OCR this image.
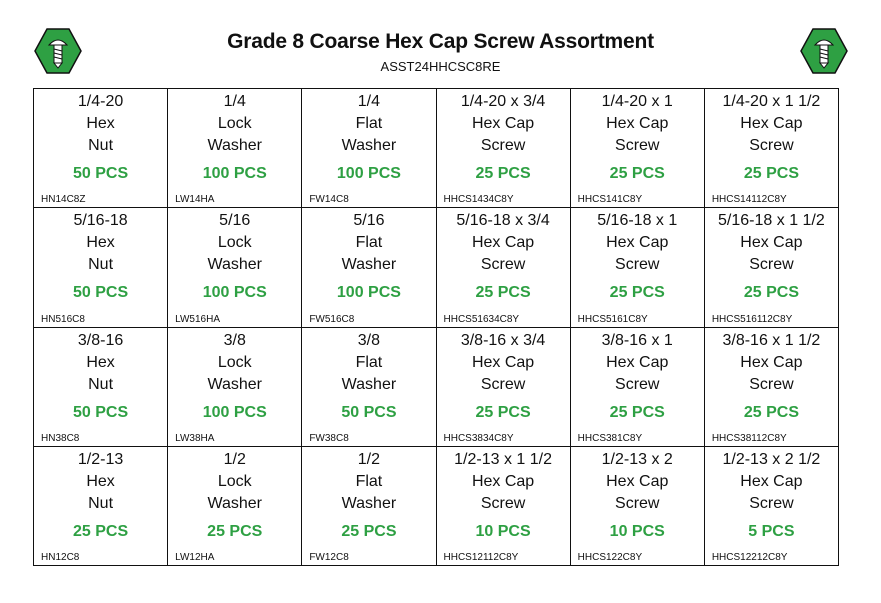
Grade 8 Coarse Hex Cap Screw Assortment
ASST24HHCSC8RE
1/4-20
Hex
Nut
50 PCS
HN14C8Z
1/4
Lock
Washer
100 PCS
LW14HA
1/4
Flat
Washer
100 PCS
FW14C8
1/4-20 x 3/4
Hex Cap
Screw
25 PCS
HHCS1434C8Y
1/4-20 x 1
Hex Cap
Screw
25 PCS
HHCS141C8Y
1/4-20 x 1 1/2
Hex Cap
Screw
25 PCS
HHCS14112C8Y
5/16-18
Hex
Nut
50 PCS
HN516C8
5/16
Lock
Washer
100 PCS
LW516HA
5/16
Flat
Washer
100 PCS
FW516C8
5/16-18 x 3/4
Hex Cap
Screw
25 PCS
HHCS51634C8Y
5/16-18 x 1
Hex Cap
Screw
25 PCS
HHCS5161C8Y
5/16-18 x 1 1/2
Hex Cap
Screw
25 PCS
HHCS516112C8Y
3/8-16
Hex
Nut
50 PCS
HN38C8
3/8
Lock
Washer
100 PCS
LW38HA
3/8
Flat
Washer
50 PCS
FW38C8
3/8-16 x 3/4
Hex Cap
Screw
25 PCS
HHCS3834C8Y
3/8-16 x 1
Hex Cap
Screw
25 PCS
HHCS381C8Y
3/8-16 x 1 1/2
Hex Cap
Screw
25 PCS
HHCS38112C8Y
1/2-13
Hex
Nut
25 PCS
HN12C8
1/2
Lock
Washer
25 PCS
LW12HA
1/2
Flat
Washer
25 PCS
FW12C8
1/2-13 x 1 1/2
Hex Cap
Screw
10 PCS
HHCS12112C8Y
1/2-13 x 2
Hex Cap
Screw
10 PCS
HHCS122C8Y
1/2-13 x 2 1/2
Hex Cap
Screw
5 PCS
HHCS12212C8Y
